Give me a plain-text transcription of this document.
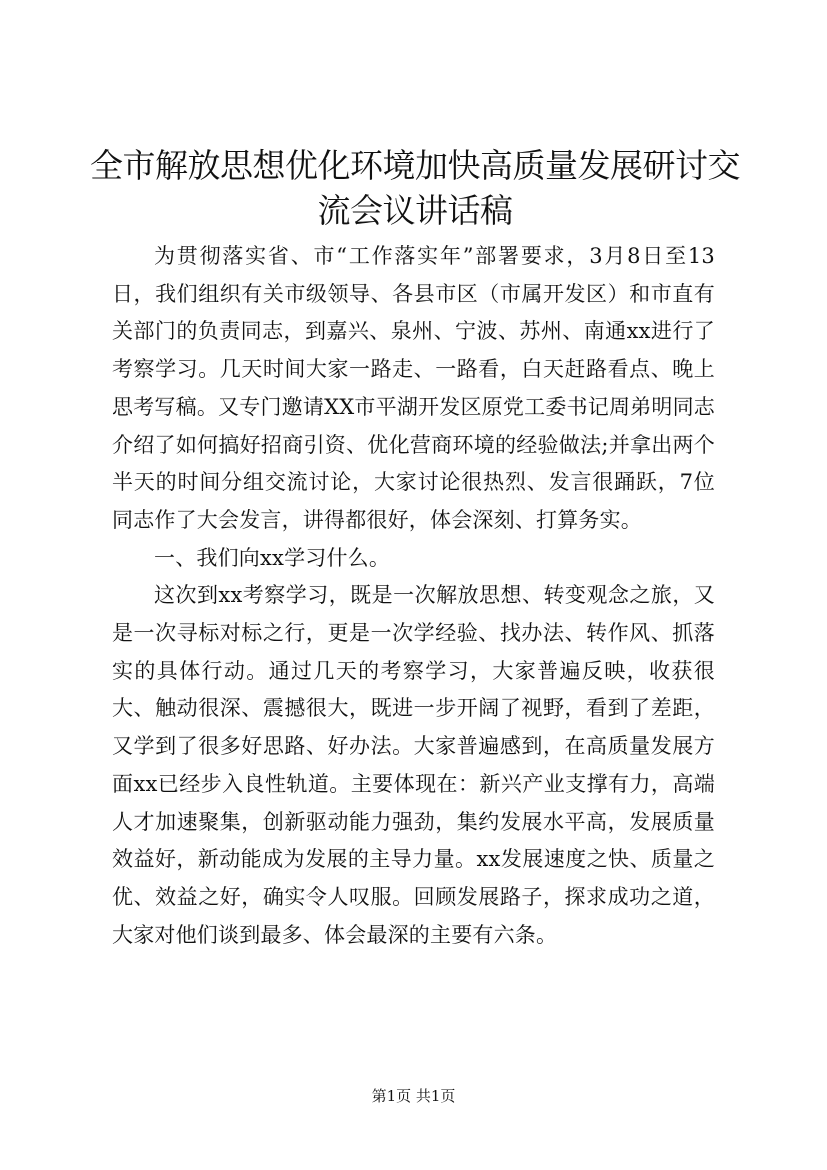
全市解放思想优化环境加快高质量发展研讨交流会议讲话稿

为贯彻落实省、市“工作落实年”部署要求，3月8日至13日，我们组织有关市级领导、各县市区（市属开发区）和市直有关部门的负责同志，到嘉兴、泉州、宁波、苏州、南通xx进行了考察学习。几天时间大家一路走、一路看，白天赶路看点、晚上思考写稿。又专门邀请XX市平湖开发区原党工委书记周弟明同志介绍了如何搞好招商引资、优化营商环境的经验做法;并拿出两个半天的时间分组交流讨论，大家讨论很热烈、发言很踊跃，7位同志作了大会发言，讲得都很好，体会深刻、打算务实。

一、我们向xx学习什么。

这次到xx考察学习，既是一次解放思想、转变观念之旅，又是一次寻标对标之行，更是一次学经验、找办法、转作风、抓落实的具体行动。通过几天的考察学习，大家普遍反映，收获很大、触动很深、震撼很大，既进一步开阔了视野，看到了差距，又学到了很多好思路、好办法。大家普遍感到，在高质量发展方面xx已经步入良性轨道。主要体现在：新兴产业支撑有力，高端人才加速聚集，创新驱动能力强劲，集约发展水平高，发展质量效益好，新动能成为发展的主导力量。xx发展速度之快、质量之优、效益之好，确实令人叹服。回顾发展路子，探求成功之道，大家对他们谈到最多、体会最深的主要有六条。

第1页 共1页
